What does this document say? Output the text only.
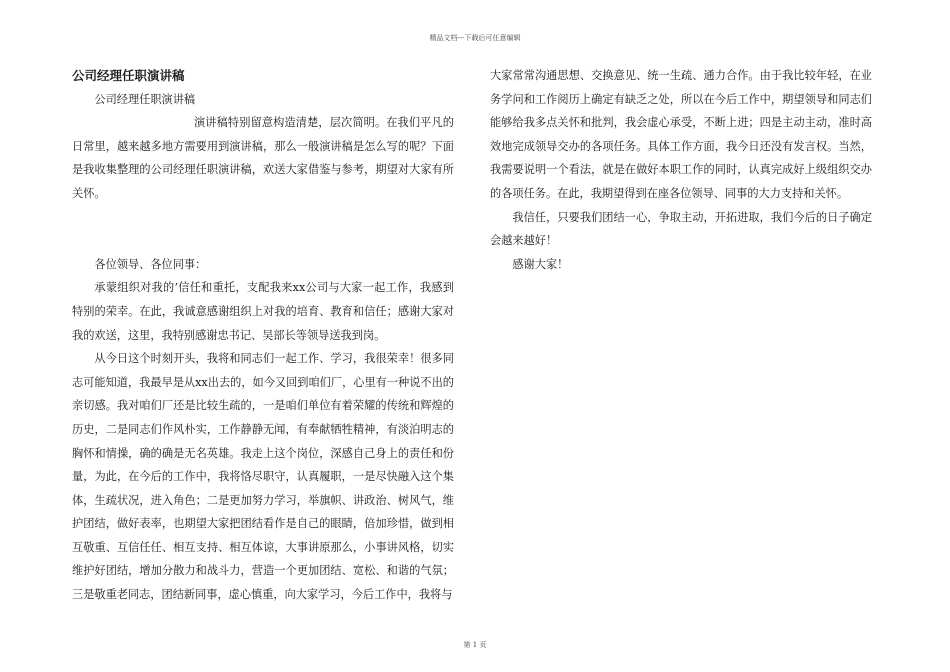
精品文档---下载后可任意编辑
公司经理任职演讲稿

公司经理任职演讲稿

演讲稿特别留意构造清楚，层次简明。在我们平凡的日常里，越来越多地方需要用到演讲稿，那么一般演讲稿是怎么写的呢？下面是我收集整理的公司经理任职演讲稿，欢送大家借鉴与参考，期望对大家有所关怀。

各位领导、各位同事：

承蒙组织对我的’信任和重托，支配我来xx公司与大家一起工作，我感到特别的荣幸。在此，我诚意感谢组织上对我的培育、教育和信任；感谢大家对我的欢送，这里，我特别感谢忠书记、吴部长等领导送我到岗。

从今日这个时刻开头，我将和同志们一起工作、学习，我很荣幸！很多同志可能知道，我最早是从xx出去的，如今又回到咱们厂，心里有一种说不出的亲切感。我对咱们厂还是比较生疏的，一是咱们单位有着荣耀的传统和辉煌的历史，二是同志们作风朴实，工作静静无闻，有奉献牺牲精神，有淡泊明志的胸怀和情操，确的确是无名英雄。我走上这个岗位，深感自己身上的责任和份量，为此，在今后的工作中，我将恪尽职守，认真履职，一是尽快融入这个集体，生疏状况，进入角色；二是更加努力学习，举旗帜、讲政治、树风气，维护团结，做好表率，也期望大家把团结看作是自己的眼睛，倍加珍惜，做到相互敬重、互信任任、相互支持、相互体谅，大事讲原那么，小事讲风格，切实维护好团结，增加分散力和战斗力，营造一个更加团结、宽松、和谐的气氛；三是敬重老同志，团结新同事，虚心慎重，向大家学习，今后工作中，我将与

大家常常沟通思想、交换意见、统一生疏、通力合作。由于我比较年轻，在业务学问和工作阅历上确定有缺乏之处，所以在今后工作中，期望领导和同志们能够给我多点关怀和批判，我会虚心承受，不断上进；四是主动主动，准时高效地完成领导交办的各项任务。具体工作方面，我今日还没有发言权。当然，我需要说明一个看法，就是在做好本职工作的同时，认真完成好上级组织交办的各项任务。在此，我期望得到在座各位领导、同事的大力支持和关怀。

我信任，只要我们团结一心，争取主动，开拓进取，我们今后的日子确定会越来越好！

感谢大家！

第 1 页
